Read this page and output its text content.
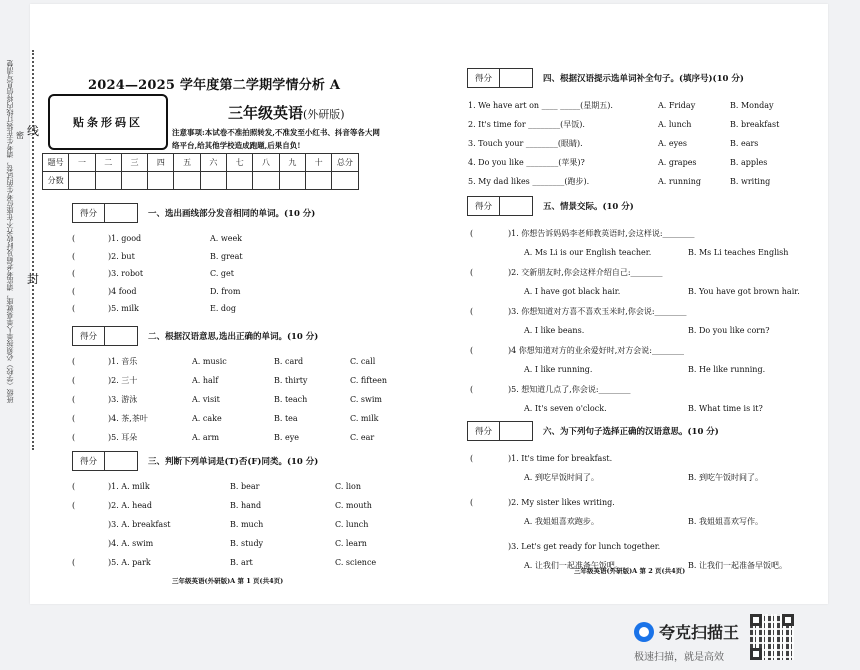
班级（学校）必须按单人单桌就座，请监考老师及时收齐不在座位考生的试卷，请考生在装订线内将信息写清楚 密 线
封
2024—2025 学年度第二学期学情分析 A
贴条形码区
三年级英语(外研版)
注意事项:本试卷不准拍照转发,不准发至小红书、抖音等各大网络平台,给其他学校造成跑题,后果自负!
题号	一	二	三	四	五	六	七	八	九	十	总分
分数											
得分	一、选出画线部分发音相同的单词。(10 分)
得分	二、根据汉语意思,选出正确的单词。(10 分)
得分	三、判断下列单词是(T)否(F)同类。(10 分)
三年级英语(外研版)A 第 1 页(共4页)
得分	四、根据汉语提示选单词补全句子。(填序号)(10 分)
得分	五、情景交际。(10 分)
得分	六、为下列句子选择正确的汉语意思。(10 分)
三年级英语(外研版)A 第 2 页(共4页)
(	)1. good	A. week
(	)2. but	B. great
(	)3. robot	C. get
(	)4 food	D. from
(	)5. milk	E. dog
(	)1. 音乐	A. music	B. card	C. call
(	)2. 三十	A. half	B. thirty	C. fifteen
(	)3. 游泳	A. visit	B. teach	C. swim
(	)4. 茶,茶叶	A. cake	B. tea	C. milk
(	)5. 耳朵	A. arm	B. eye	C. ear
(	)1. A. milk	B. bear	C. lion
(	)2. A. head	B. hand	C. mouth
)3. A. breakfast	B. much	C. lunch
)4. A. swim	B. study	C. learn
(	)5. A. park	B. art	C. science
1. We have art on ____ _____(星期五).	A. Friday	B. Monday
2. It's time for ________(早饭).	A. lunch	B. breakfast
3. Touch your ________(眼睛).	A. eyes	B. ears
4. Do you like ________(苹果)?	A. grapes	B. apples
5. My dad likes ________(跑步).	A. running	B. writing
(	)1. 你想告诉妈妈李老师教英语时,会这样说:________
A. Ms Li is our English teacher.	B. Ms Li teaches English
(	)2. 交新朋友时,你会这样介绍自己:________
A. I have got black hair.	B. You have got brown hair.
(	)3. 你想知道对方喜不喜欢玉米时,你会说:________
A. I like beans.	B. Do you like corn?
(	)4 你想知道对方的业余爱好时,对方会说:________
A. I like running.	B. He like running.
(	)5. 想知道几点了,你会说:________
A. It's seven o'clock.	B. What time is it?
(	)1. It's time for breakfast.
A. 到吃早饭时间了。	B. 到吃午饭时间了。
(	)2. My sister likes writing.
A. 我姐姐喜欢跑步。	B. 我姐姐喜欢写作。
)3. Let's get ready for lunch together.
A. 让我们一起准备午饭吧。	B. 让我们一起准备早饭吧。
夸克扫描王
极速扫描，就是高效
